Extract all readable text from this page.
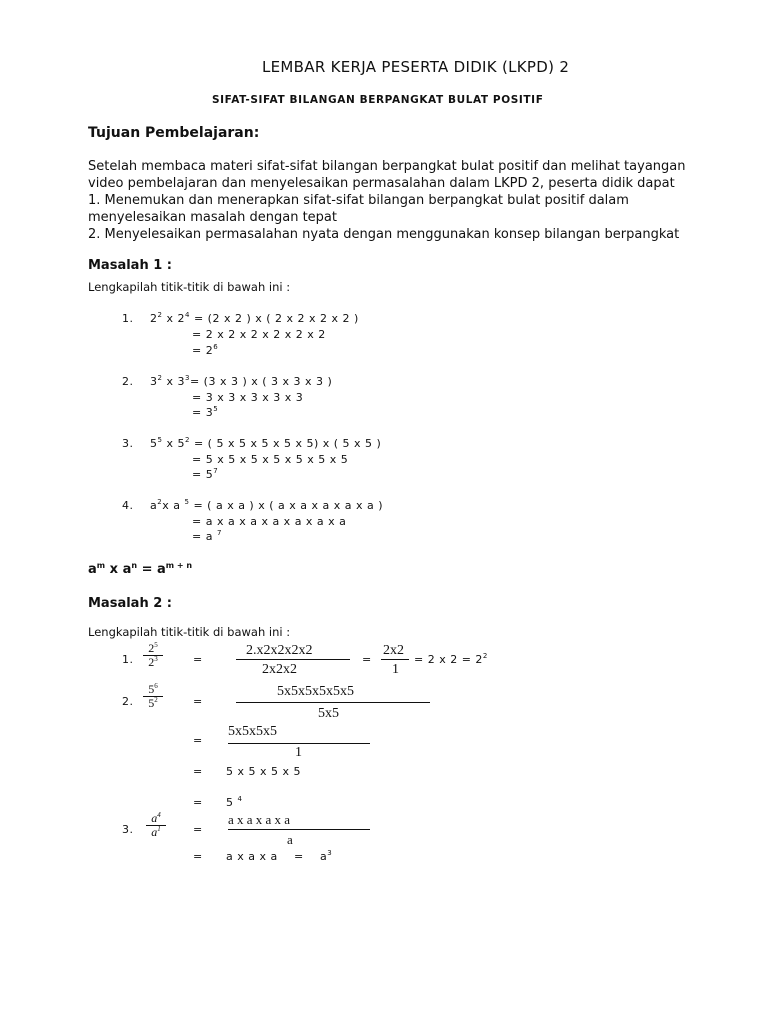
LEMBAR KERJA PESERTA DIDIK (LKPD) 2
SIFAT-SIFAT BILANGAN BERPANGKAT BULAT POSITIF
Tujuan Pembelajaran:
Setelah membaca materi sifat-sifat bilangan berpangkat bulat positif dan melihat tayangan
video pembelajaran dan menyelesaikan permasalahan dalam LKPD 2, peserta didik dapat
1. Menemukan dan menerapkan sifat-sifat bilangan berpangkat bulat positif dalam
menyelesaikan masalah dengan tepat
2. Menyelesaikan permasalahan nyata dengan menggunakan konsep bilangan berpangkat
Masalah 1 :
Lengkapilah titik-titik di bawah ini :
1. $2^2$ x $2^4 = (2$ x 2 ) x ( 2 x 2 x 2 x 2 )
= 2 x 2 x 2 x 2 x 2 x 2
= $2^6$
2. $3^2$ x $3^3= (3$ x 3 ) x ( 3 x 3 x 3 )
= 3 x 3 x 3 x 3 x 3
= $3^5$
3. $5^5$ x $5^2$ = ( 5 x 5 x 5 x 5 x 5) x ( 5 x 5 )
= 5 x 5 x 5 x 5 x 5 x 5 x 5
= $5^7$
4. $a^2x$ a $^5$ = ( a x a ) x ( a x a x a x a x a )
= a x a x a x a x a x a x a
= a $^7$
$a^m$ x $a^n = a^{m + n}$
Masalah 2 :
Lengkapilah titik-titik di bawah ini :
1.
$2^5$
$2^3$	=
2.x2x2x2x2
2x2x2
=
2x2
1
= 2 x $2 = 2^2$
2.
$5^6$
$5^2$	=
5x5x5x5x5x5
5x5
=
5x5x5x5
1
= 5 x 5 x 5 x 5
= 5 $^4$
3.
$a^4$
$a^1$	=
a x a x a x a
a
= a x a x $a = a^3$
